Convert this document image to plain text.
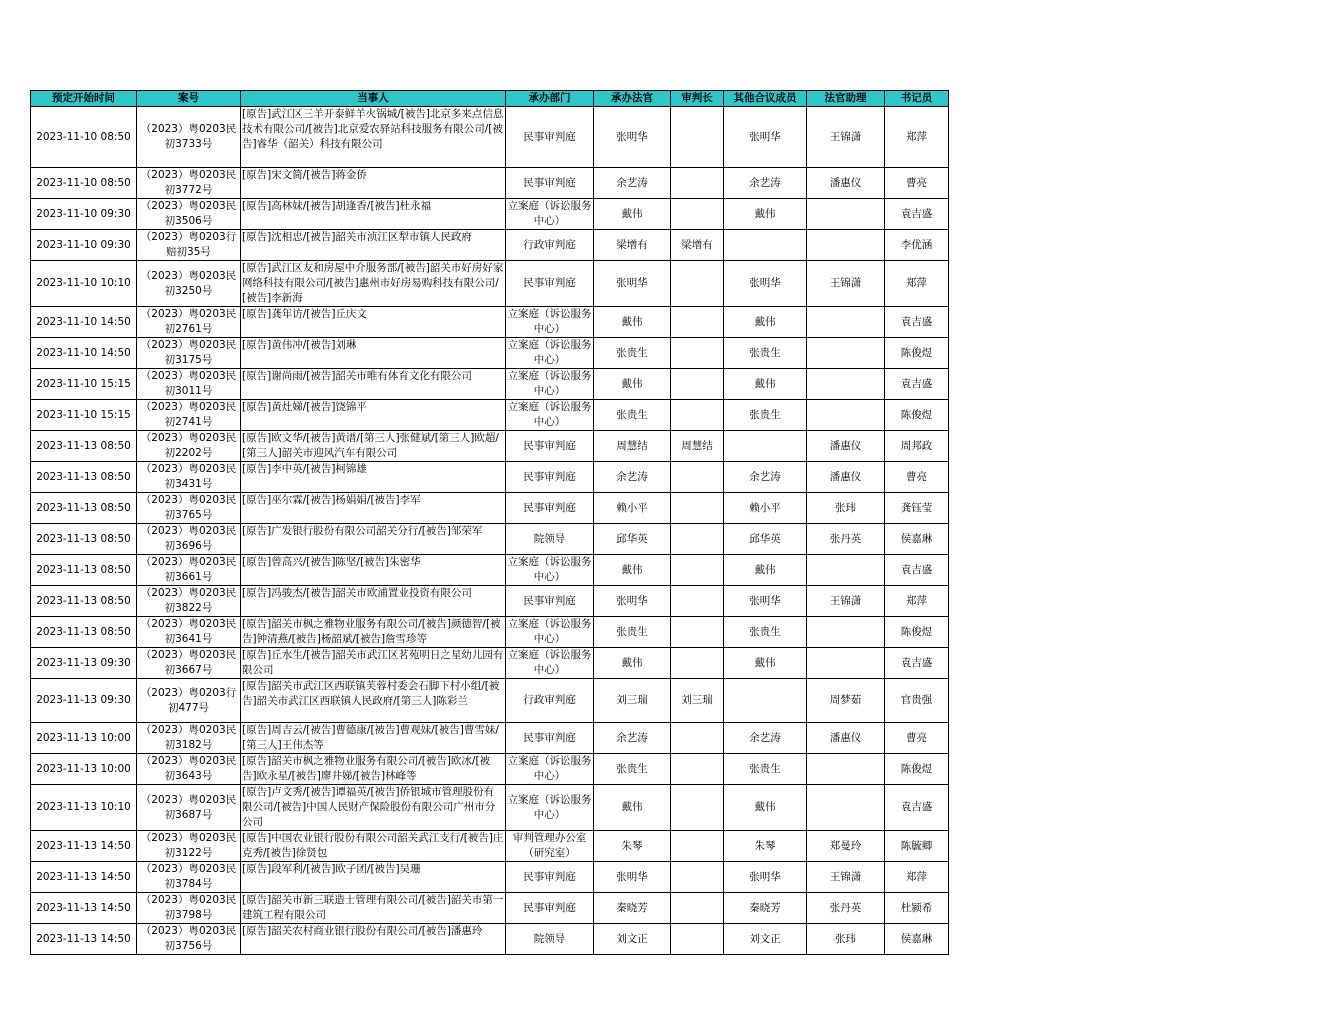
预定开始时间	案号	当事人	承办部门	承办法官	审判长	其他合议成员	法官助理	书记员
2023-11-10 08:50	（2023）粤0203民初3733号	[原告]武江区三羊开泰鲜羊火锅城/[被告]北京多来点信息技术有限公司/[被告]北京爱农驿站科技服务有限公司/[被告]睿华（韶关）科技有限公司	民事审判庭	张明华		张明华	王锦潇	郑萍
2023-11-10 08:50	（2023）粤0203民初3772号	[原告]宋文简/[被告]蒋金侨	民事审判庭	余艺涛		余艺涛	潘惠仪	曹亮
2023-11-10 09:30	（2023）粤0203民初3506号	[原告]高林妹/[被告]胡逢香/[被告]杜永福	立案庭（诉讼服务中心）	戴伟		戴伟		袁吉盛
2023-11-10 09:30	（2023）粤0203行赔初35号	[原告]沈相忠/[被告]韶关市浈江区犁市镇人民政府	行政审判庭	梁增有	梁增有			李优涵
2023-11-10 10:10	（2023）粤0203民初3250号	[原告]武江区友和房屋中介服务部/[被告]韶关市好房好家网络科技有限公司/[被告]惠州市好房易购科技有限公司/[被告]李新海	民事审判庭	张明华		张明华	王锦潇	郑萍
2023-11-10 14:50	（2023）粤0203民初2761号	[原告]龚年访/[被告]丘庆文	立案庭（诉讼服务中心）	戴伟		戴伟		袁吉盛
2023-11-10 14:50	（2023）粤0203民初3175号	[原告]黄伟冲/[被告]刘琳	立案庭（诉讼服务中心）	张贵生		张贵生		陈俊煜
2023-11-10 15:15	（2023）粤0203民初3011号	[原告]谢尚雨/[被告]韶关市唯有体育文化有限公司	立案庭（诉讼服务中心）	戴伟		戴伟		袁吉盛
2023-11-10 15:15	（2023）粤0203民初2741号	[原告]黄灶娣/[被告]饶锦平	立案庭（诉讼服务中心）	张贵生		张贵生		陈俊煜
2023-11-13 08:50	（2023）粤0203民初2202号	[原告]欧文华/[被告]黄谱/[第三人]张健斌/[第三人]欧超/[第三人]韶关市迎风汽车有限公司	民事审判庭	周慧结	周慧结		潘惠仪	周邦政
2023-11-13 08:50	（2023）粤0203民初3431号	[原告]李中英/[被告]柯锦雄	民事审判庭	余艺涛		余艺涛	潘惠仪	曹亮
2023-11-13 08:50	（2023）粤0203民初3765号	[原告]巫尔霖/[被告]杨娟娟/[被告]李军	民事审判庭	赖小平		赖小平	张玮	龚钰莹
2023-11-13 08:50	（2023）粤0203民初3696号	[原告]广发银行股份有限公司韶关分行/[被告]邹荣军	院领导	邱华英		邱华英	张丹英	侯嘉琳
2023-11-13 08:50	（2023）粤0203民初3661号	[原告]曾高兴/[被告]陈坚/[被告]朱密华	立案庭（诉讼服务中心）	戴伟		戴伟		袁吉盛
2023-11-13 08:50	（2023）粤0203民初3822号	[原告]冯骏杰/[被告]韶关市欧浦置业投资有限公司	民事审判庭	张明华		张明华	王锦潇	郑萍
2023-11-13 08:50	（2023）粤0203民初3641号	[原告]韶关市枫之雅物业服务有限公司/[被告]颜德智/[被告]钟清燕/[被告]杨韶斌/[被告]詹雪珍等	立案庭（诉讼服务中心）	张贵生		张贵生		陈俊煜
2023-11-13 09:30	（2023）粤0203民初3667号	[原告]丘水生/[被告]韶关市武江区茗苑明日之星幼儿园有限公司	立案庭（诉讼服务中心）	戴伟		戴伟		袁吉盛
2023-11-13 09:30	（2023）粤0203行初477号	[原告]韶关市武江区西联镇芙蓉村委会石脚下村小组/[被告]韶关市武江区西联镇人民政府/[第三人]陈彩兰	行政审判庭	刘三瑞	刘三瑞		周梦茹	官贵强
2023-11-13 10:00	（2023）粤0203民初3182号	[原告]周吉云/[被告]曹德康/[被告]曹观妹/[被告]曹雪妹/[第三人]王伟杰等	民事审判庭	余艺涛		余艺涛	潘惠仪	曹亮
2023-11-13 10:00	（2023）粤0203民初3643号	[原告]韶关市枫之雅物业服务有限公司/[被告]欧冰/[被告]欧永星/[被告]廖井娣/[被告]林峰等	立案庭（诉讼服务中心）	张贵生		张贵生		陈俊煜
2023-11-13 10:10	（2023）粤0203民初3687号	[原告]卢文秀/[被告]谭福英/[被告]侨银城市管理股份有限公司/[被告]中国人民财产保险股份有限公司广州市分公司	立案庭（诉讼服务中心）	戴伟		戴伟		袁吉盛
2023-11-13 14:50	（2023）粤0203民初3122号	[原告]中国农业银行股份有限公司韶关武江支行/[被告]庄克秀/[被告]徐贤包	审判管理办公室（研究室）	朱琴		朱琴	郑曼玲	陈毓卿
2023-11-13 14:50	（2023）粤0203民初3784号	[原告]段军利/[被告]欧子团/[被告]吴珊	民事审判庭	张明华		张明华	王锦潇	郑萍
2023-11-13 14:50	（2023）粤0203民初3798号	[原告]韶关市新三联造士管理有限公司/[被告]韶关市第一建筑工程有限公司	民事审判庭	秦晓芳		秦晓芳	张丹英	杜颍希
2023-11-13 14:50	（2023）粤0203民初3756号	[原告]韶关农村商业银行股份有限公司/[被告]潘惠玲	院领导	刘文正		刘文正	张玮	侯嘉琳
